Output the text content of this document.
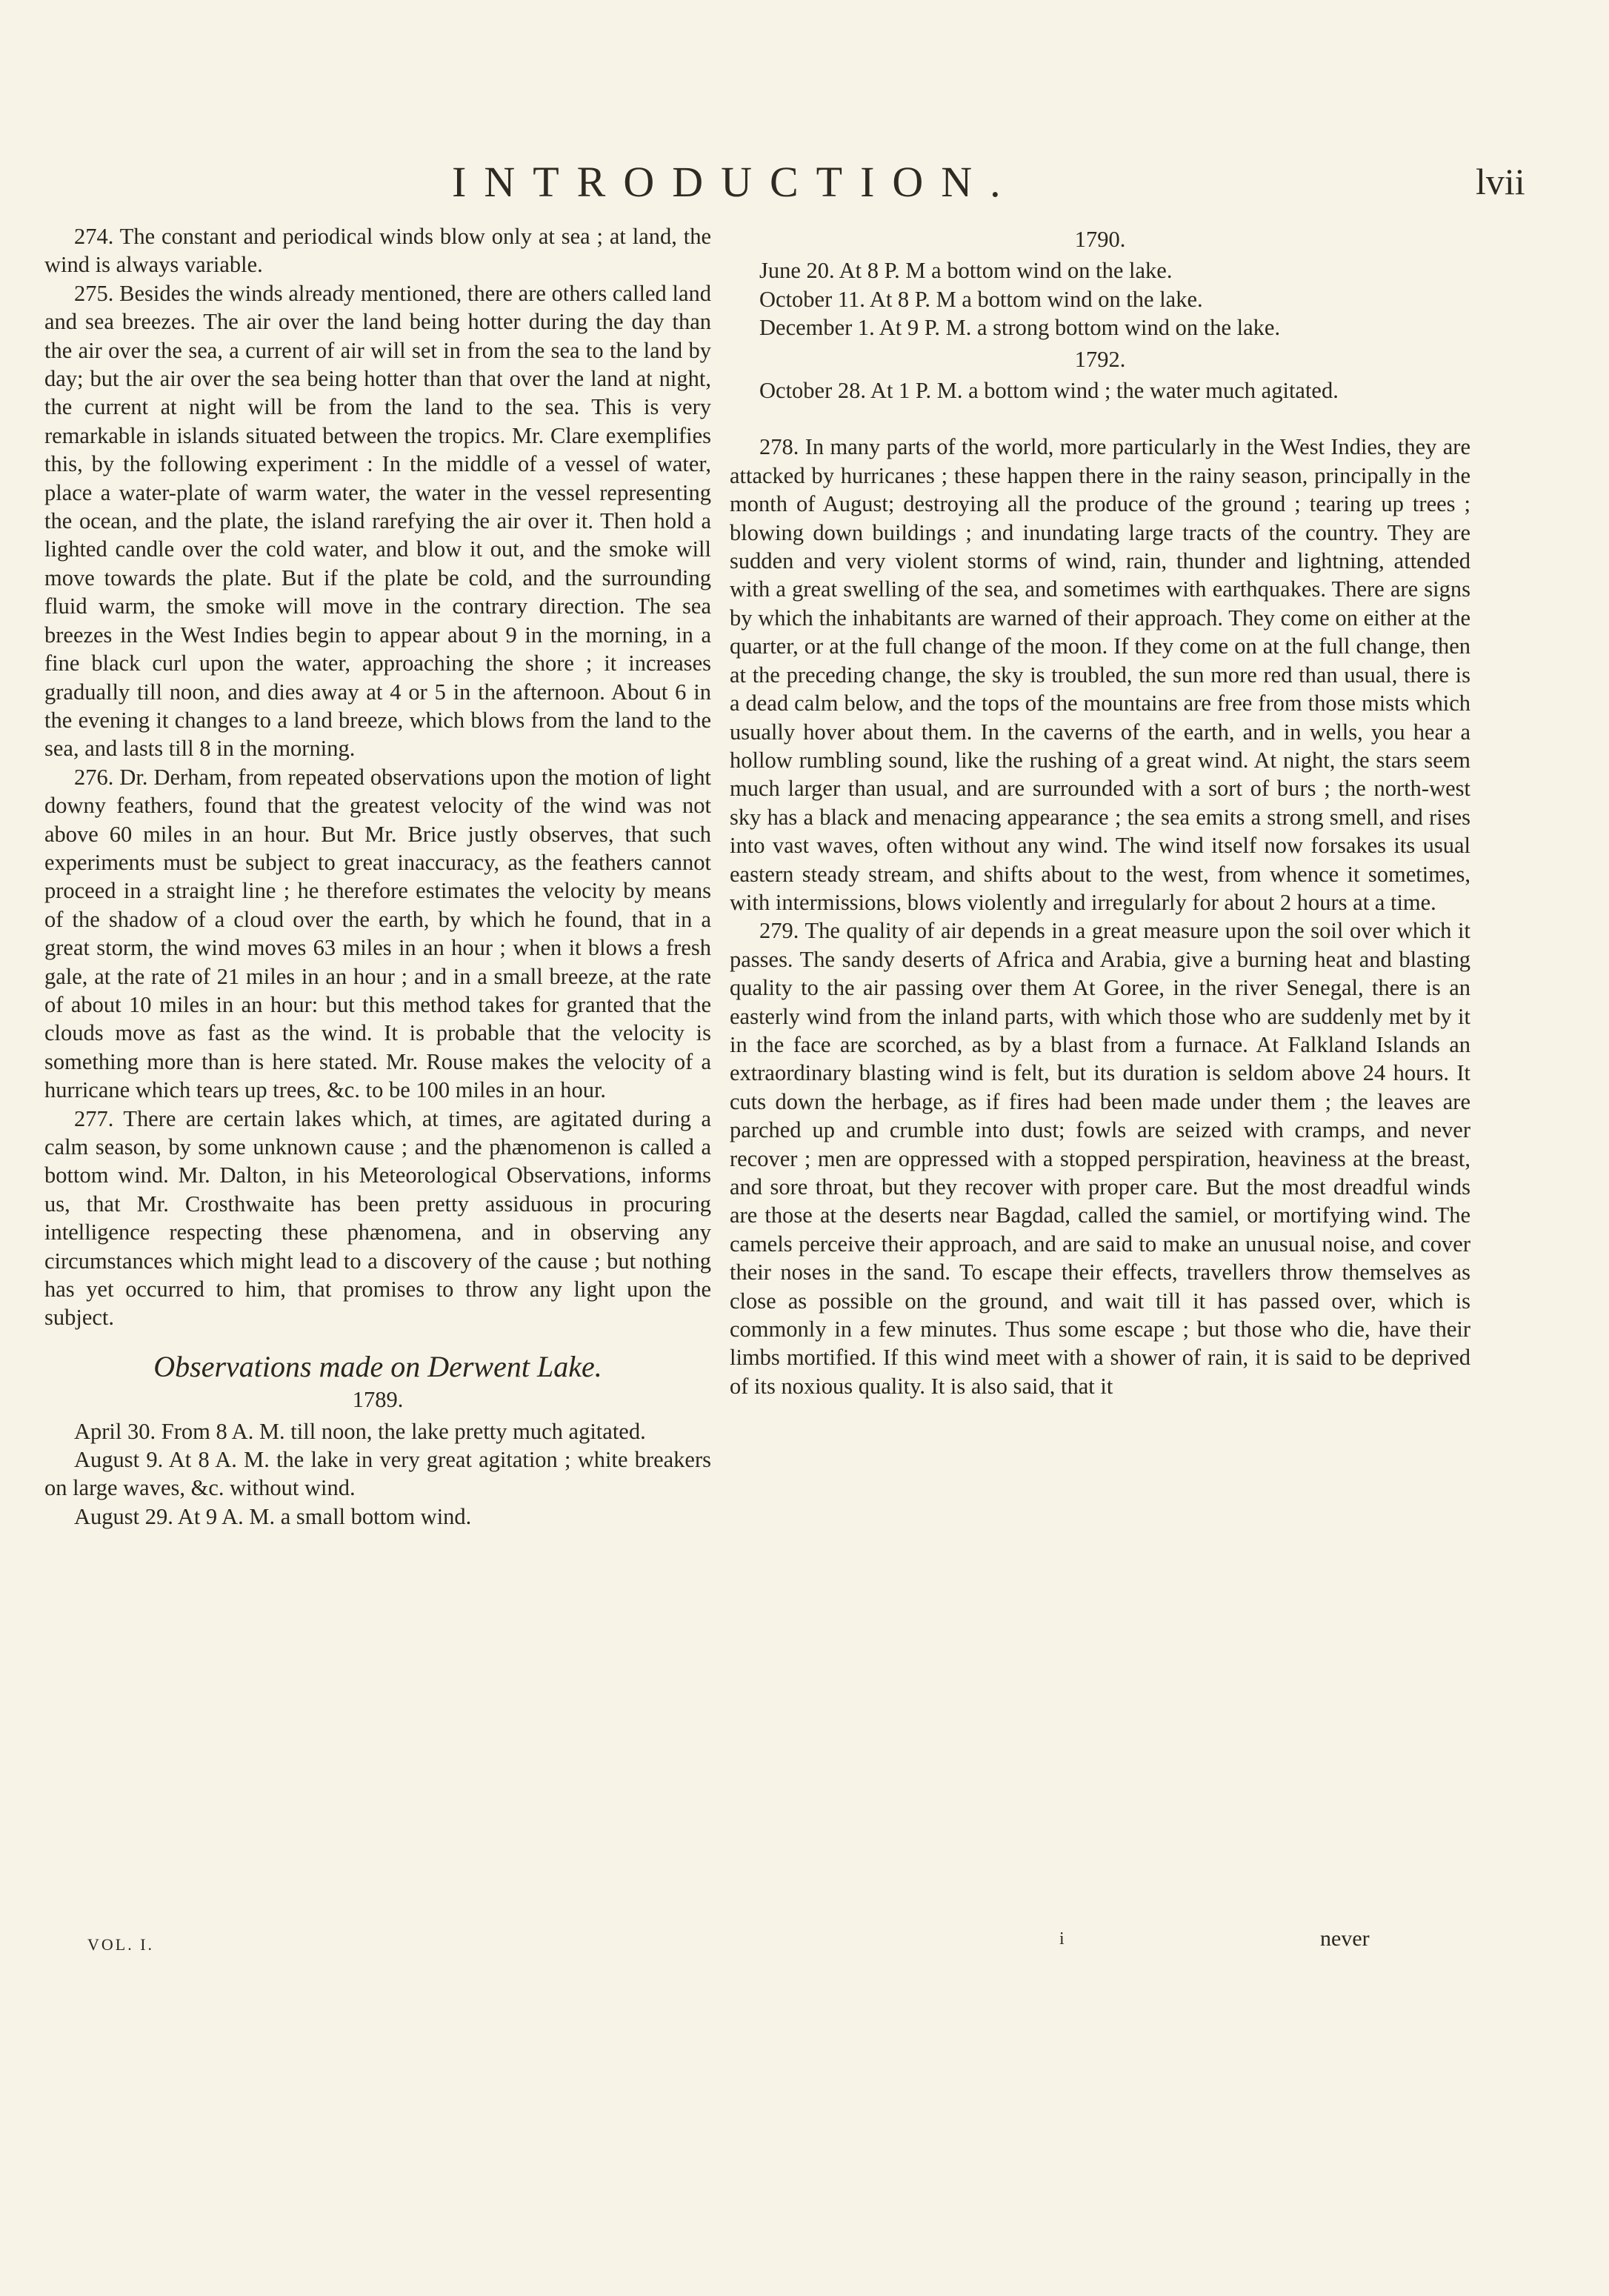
INTRODUCTION.	lvii

274. The constant and periodical winds blow only at sea ; at land, the wind is always variable.

275. Besides the winds already mentioned, there are others called land and sea breezes. The air over the land being hotter during the day than the air over the sea, a current of air will set in from the sea to the land by day; but the air over the sea being hotter than that over the land at night, the current at night will be from the land to the sea. This is very remarkable in islands situated between the tropics. Mr. Clare exemplifies this, by the following experiment : In the middle of a vessel of water, place a water-plate of warm water, the water in the vessel representing the ocean, and the plate, the island rarefying the air over it. Then hold a lighted candle over the cold water, and blow it out, and the smoke will move towards the plate. But if the plate be cold, and the surrounding fluid warm, the smoke will move in the contrary direction. The sea breezes in the West Indies begin to appear about 9 in the morning, in a fine black curl upon the water, approaching the shore ; it increases gradually till noon, and dies away at 4 or 5 in the afternoon. About 6 in the evening it changes to a land breeze, which blows from the land to the sea, and lasts till 8 in the morning.

276. Dr. Derham, from repeated observations upon the motion of light downy feathers, found that the greatest velocity of the wind was not above 60 miles in an hour. But Mr. Brice justly observes, that such experiments must be subject to great inaccuracy, as the feathers cannot proceed in a straight line ; he therefore estimates the velocity by means of the shadow of a cloud over the earth, by which he found, that in a great storm, the wind moves 63 miles in an hour ; when it blows a fresh gale, at the rate of 21 miles in an hour ; and in a small breeze, at the rate of about 10 miles in an hour: but this method takes for granted that the clouds move as fast as the wind. It is probable that the velocity is something more than is here stated. Mr. Rouse makes the velocity of a hurricane which tears up trees, &c. to be 100 miles in an hour.

277. There are certain lakes which, at times, are agitated during a calm season, by some unknown cause ; and the phænomenon is called a bottom wind. Mr. Dalton, in his Meteorological Observations, informs us, that Mr. Crosthwaite has been pretty assiduous in procuring intelligence respecting these phænomena, and in observing any circumstances which might lead to a discovery of the cause ; but nothing has yet occurred to him, that promises to throw any light upon the subject.

Observations made on Derwent Lake.

1789.

April 30. From 8 A. M. till noon, the lake pretty much agitated.

August 9. At 8 A. M. the lake in very great agitation ; white breakers on large waves, &c. without wind.

August 29. At 9 A. M. a small bottom wind.

1790.

June 20. At 8 P. M a bottom wind on the lake.

October 11. At 8 P. M a bottom wind on the lake.

December 1. At 9 P. M. a strong bottom wind on the lake.

1792.

October 28. At 1 P. M. a bottom wind ; the water much agitated.

278. In many parts of the world, more particularly in the West Indies, they are attacked by hurricanes ; these happen there in the rainy season, principally in the month of August; destroying all the produce of the ground ; tearing up trees ; blowing down buildings ; and inundating large tracts of the country. They are sudden and very violent storms of wind, rain, thunder and lightning, attended with a great swelling of the sea, and sometimes with earthquakes. There are signs by which the inhabitants are warned of their approach. They come on either at the quarter, or at the full change of the moon. If they come on at the full change, then at the preceding change, the sky is troubled, the sun more red than usual, there is a dead calm below, and the tops of the mountains are free from those mists which usually hover about them. In the caverns of the earth, and in wells, you hear a hollow rumbling sound, like the rushing of a great wind. At night, the stars seem much larger than usual, and are surrounded with a sort of burs ; the north-west sky has a black and menacing appearance ; the sea emits a strong smell, and rises into vast waves, often without any wind. The wind itself now forsakes its usual eastern steady stream, and shifts about to the west, from whence it sometimes, with intermissions, blows violently and irregularly for about 2 hours at a time.

279. The quality of air depends in a great measure upon the soil over which it passes. The sandy deserts of Africa and Arabia, give a burning heat and blasting quality to the air passing over them At Goree, in the river Senegal, there is an easterly wind from the inland parts, with which those who are suddenly met by it in the face are scorched, as by a blast from a furnace. At Falkland Islands an extraordinary blasting wind is felt, but its duration is seldom above 24 hours. It cuts down the herbage, as if fires had been made under them ; the leaves are parched up and crumble into dust; fowls are seized with cramps, and never recover ; men are oppressed with a stopped perspiration, heaviness at the breast, and sore throat, but they recover with proper care. But the most dreadful winds are those at the deserts near Bagdad, called the samiel, or mortifying wind. The camels perceive their approach, and are said to make an unusual noise, and cover their noses in the sand. To escape their effects, travellers throw themselves as close as possible on the ground, and wait till it has passed over, which is commonly in a few minutes. Thus some escape ; but those who die, have their limbs mortified. If this wind meet with a shower of rain, it is said to be deprived of its noxious quality. It is also said, that it

VOL. I.	i	never
